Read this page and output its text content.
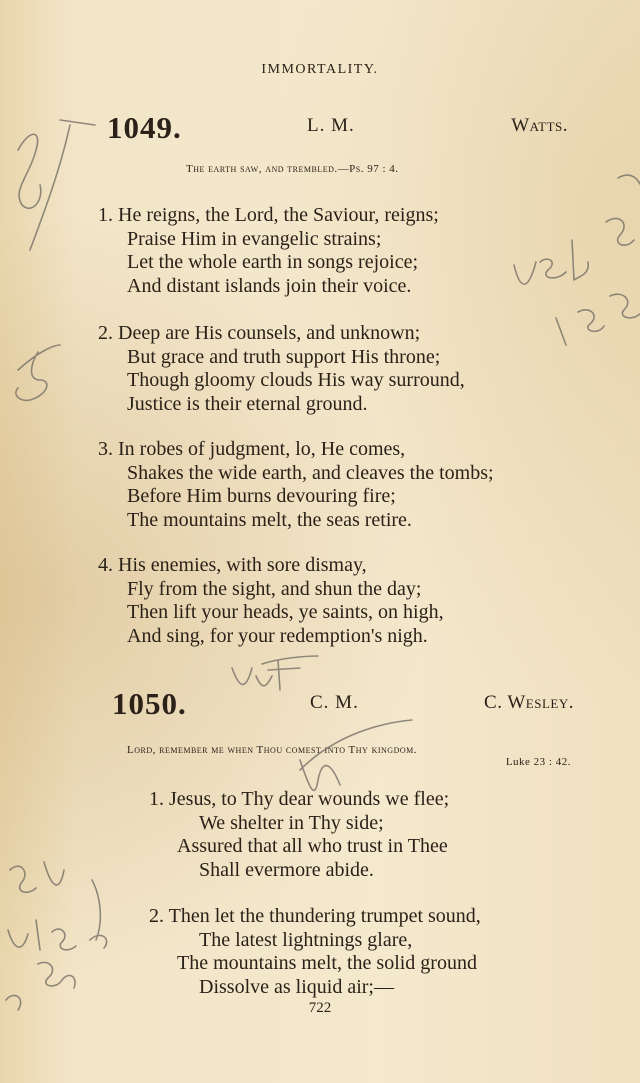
IMMORTALITY.
1049.	L. M.	Watts.
The earth saw, and trembled.—Ps. 97 : 4.
1. He reigns, the Lord, the Saviour, reigns;
Praise Him in evangelic strains;
Let the whole earth in songs rejoice;
And distant islands join their voice.
2. Deep are His counsels, and unknown;
But grace and truth support His throne;
Though gloomy clouds His way surround,
Justice is their eternal ground.
3. In robes of judgment, lo, He comes,
Shakes the wide earth, and cleaves the tombs;
Before Him burns devouring fire;
The mountains melt, the seas retire.
4. His enemies, with sore dismay,
Fly from the sight, and shun the day;
Then lift your heads, ye saints, on high,
And sing, for your redemption's nigh.
1050.	C. M.	C. Wesley.
Lord, remember me when Thou comest into Thy kingdom.
Luke 23 : 42.
1. Jesus, to Thy dear wounds we flee;
We shelter in Thy side;
Assured that all who trust in Thee
Shall evermore abide.
2. Then let the thundering trumpet sound,
The latest lightnings glare,
The mountains melt, the solid ground
Dissolve as liquid air;—
722
